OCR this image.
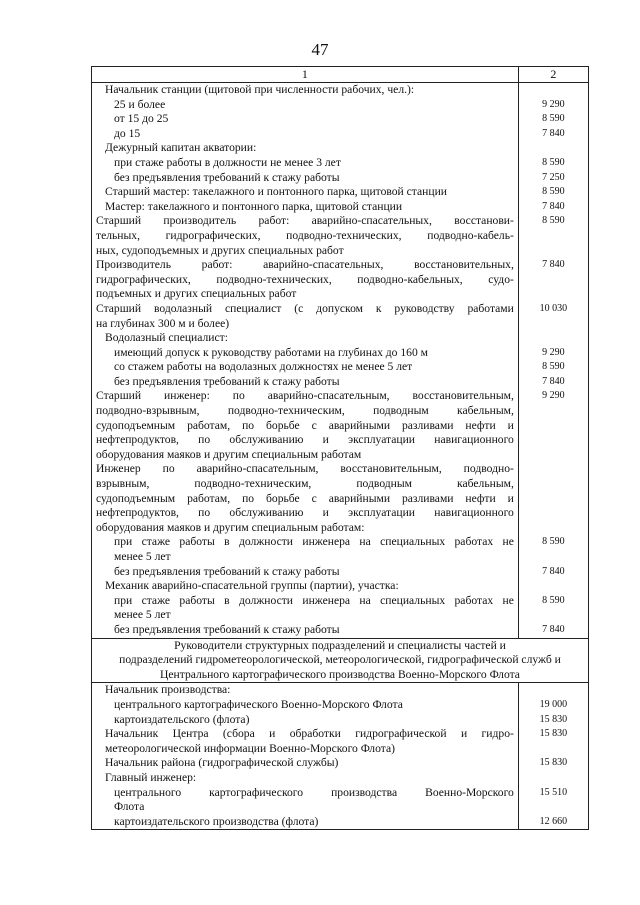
47
1	2

Начальник станции (щитовой при численности рабочих, чел.):	

25 и более	9 290

от 15 до 25	8 590

до 15	7 840

Дежурный капитан акватории:	

при стаже работы в должности не менее 3 лет	8 590

без предъявления требований к стажу работы	7 250

Старший мастер: такелажного и понтонного парка, щитовой станции	8 590

Мастер: такелажного и понтонного парка, щитовой станции	7 840

Старший производитель работ: аварийно-спасательных, восстанови-
тельных, гидрографических, подводно-технических, подводно-кабель-
ных, судоподъемных и других специальных работ	8 590

Производитель работ: аварийно-спасательных, восстановительных,
гидрографических, подводно-технических, подводно-кабельных, судо-
подъемных и других специальных работ	7 840

Старший водолазный специалист (с допуском к руководству работами
на глубинах 300 м и более)	10 030

Водолазный специалист:	

имеющий допуск к руководству работами на глубинах до 160 м	9 290

со стажем работы на водолазных должностях не менее 5 лет	8 590

без предъявления требований к стажу работы	7 840

Старший инженер: по аварийно-спасательным, восстановительным,
подводно-взрывным, подводно-техническим, подводным кабельным,
судоподъемным работам, по борьбе с аварийными разливами нефти и
нефтепродуктов, по обслуживанию и эксплуатации навигационного
оборудования маяков и другим специальным работам	9 290

Инженер по аварийно-спасательным, восстановительным, подводно-
взрывным, подводно-техническим, подводным кабельным,
судоподъемным работам, по борьбе с аварийными разливами нефти и
нефтепродуктов, по обслуживанию и эксплуатации навигационного
оборудования маяков и другим специальным работам:	

при стаже работы в должности инженера на специальных работах не
менее 5 лет	8 590

без предъявления требований к стажу работы	7 840

Механик аварийно-спасательной группы (партии), участка:	

при стаже работы в должности инженера на специальных работах не
менее 5 лет	8 590

без предъявления требований к стажу работы	7 840

Руководители структурных подразделений и специалисты частей и
подразделений гидрометеорологической, метеорологической, гидрографической служб и
Центрального картографического производства Военно-Морского Флота	

Начальник производства:	

центрального картографического Военно-Морского Флота	19 000

картоиздательского (флота)	15 830

Начальник Центра (сбора и обработки гидрографической и гидро-
метеорологической информации Военно-Морского Флота)	15 830

Начальник района (гидрографической службы)	15 830

Главный инженер:	

центрального картографического производства Военно-Морского
Флота	15 510

картоиздательского производства (флота)	12 660
